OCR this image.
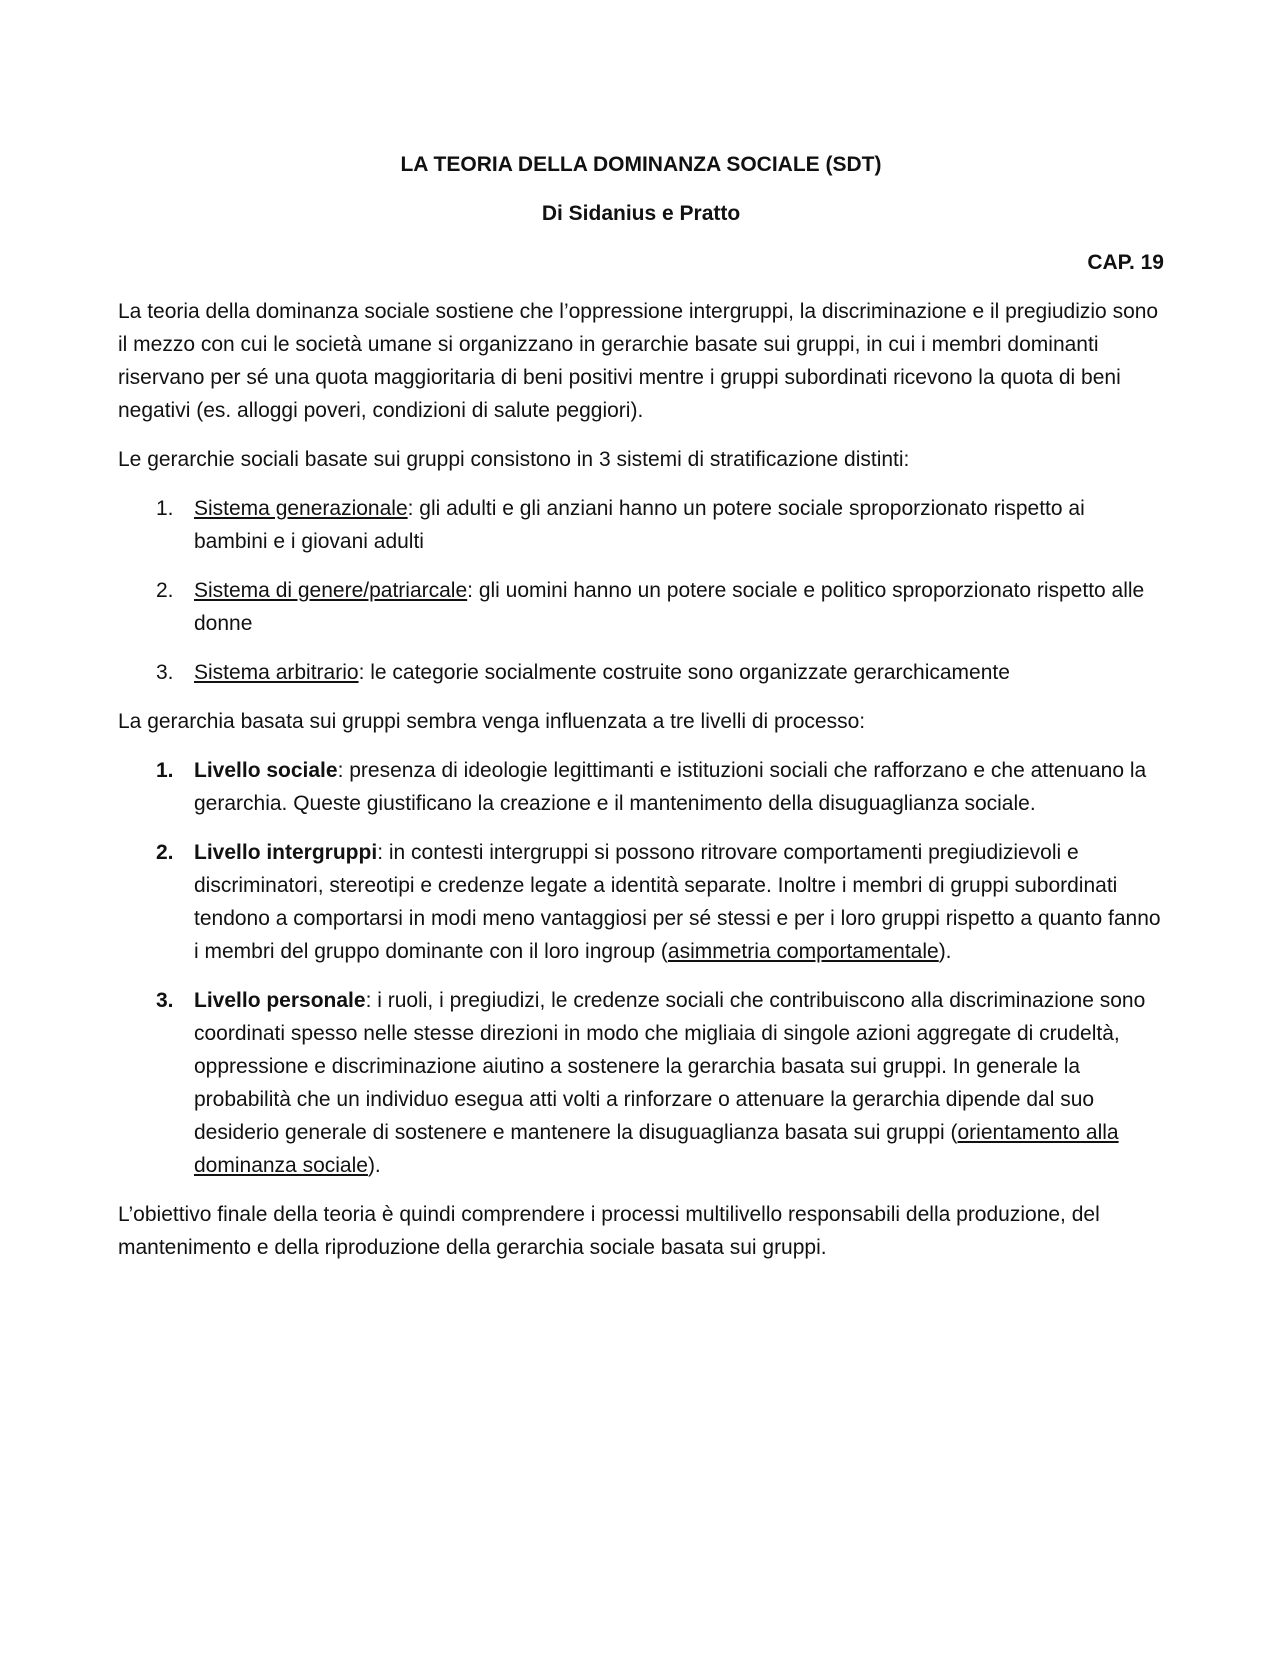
LA TEORIA DELLA DOMINANZA SOCIALE (SDT)
Di Sidanius e Pratto
CAP. 19

La teoria della dominanza sociale sostiene che l’oppressione intergruppi, la discriminazione e il pregiudizio sono il mezzo con cui le società umane si organizzano in gerarchie basate sui gruppi, in cui i membri dominanti riservano per sé una quota maggioritaria di beni positivi mentre i gruppi subordinati ricevono la quota di beni negativi (es. alloggi poveri, condizioni di salute peggiori).

Le gerarchie sociali basate sui gruppi consistono in 3 sistemi di stratificazione distinti:

1. Sistema generazionale: gli adulti e gli anziani hanno un potere sociale sproporzionato rispetto ai bambini e i giovani adulti
2. Sistema di genere/patriarcale: gli uomini hanno un potere sociale e politico sproporzionato rispetto alle donne
3. Sistema arbitrario: le categorie socialmente costruite sono organizzate gerarchicamente

La gerarchia basata sui gruppi sembra venga influenzata a tre livelli di processo:

1. Livello sociale: presenza di ideologie legittimanti e istituzioni sociali che rafforzano e che attenuano la gerarchia. Queste giustificano la creazione e il mantenimento della disuguaglianza sociale.
2. Livello intergruppi: in contesti intergruppi si possono ritrovare comportamenti pregiudizievoli e discriminatori, stereotipi e credenze legate a identità separate. Inoltre i membri di gruppi subordinati tendono a comportarsi in modi meno vantaggiosi per sé stessi e per i loro gruppi rispetto a quanto fanno i membri del gruppo dominante con il loro ingroup (asimmetria comportamentale).
3. Livello personale: i ruoli, i pregiudizi, le credenze sociali che contribuiscono alla discriminazione sono coordinati spesso nelle stesse direzioni in modo che migliaia di singole azioni aggregate di crudeltà, oppressione e discriminazione aiutino a sostenere la gerarchia basata sui gruppi. In generale la probabilità che un individuo esegua atti volti a rinforzare o attenuare la gerarchia dipende dal suo desiderio generale di sostenere e mantenere la disuguaglianza basata sui gruppi (orientamento alla dominanza sociale).

L’obiettivo finale della teoria è quindi comprendere i processi multilivello responsabili della produzione, del mantenimento e della riproduzione della gerarchia sociale basata sui gruppi.
